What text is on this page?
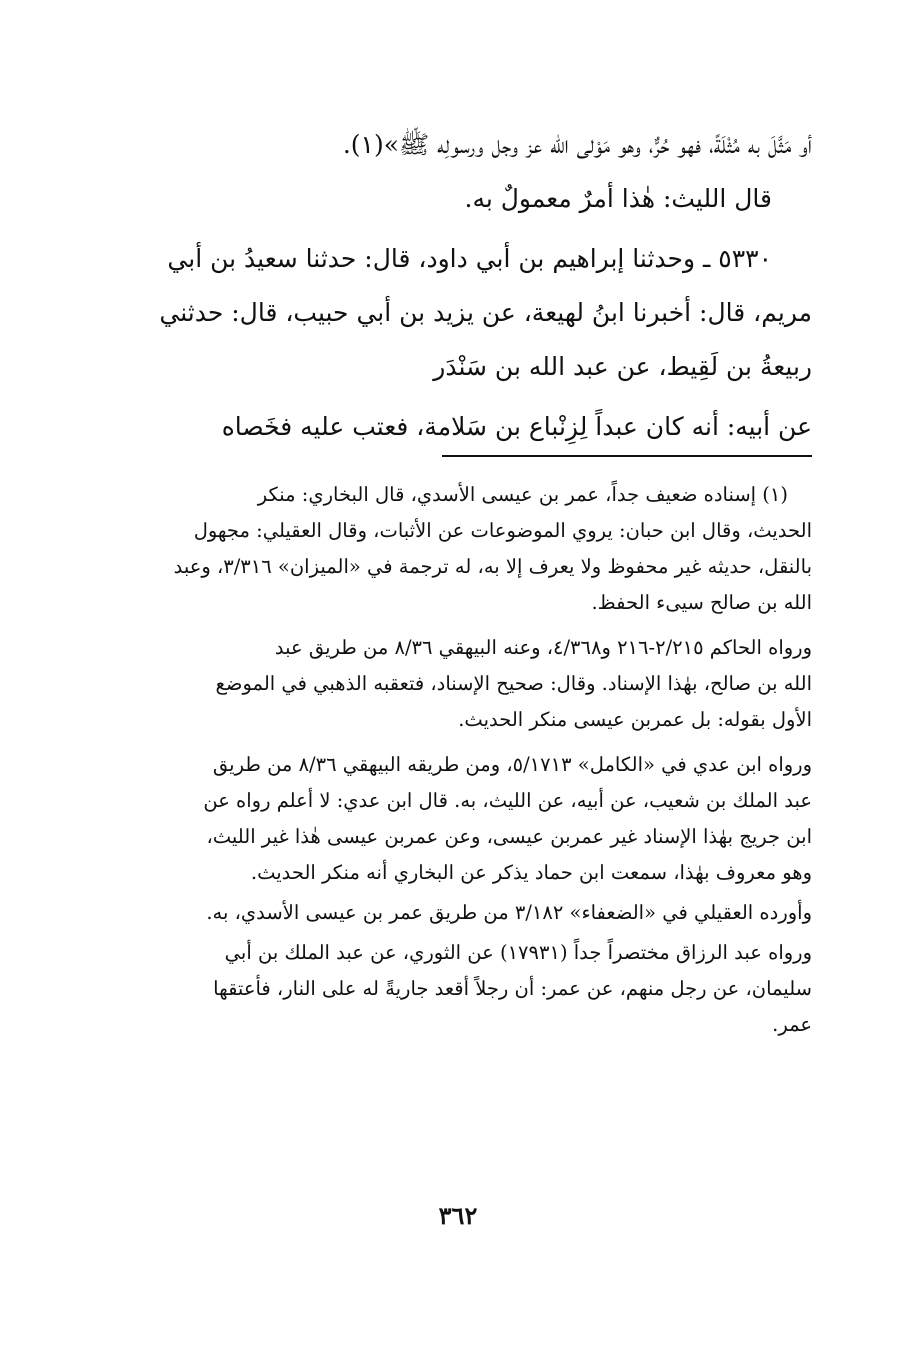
أو مَثَّلَ به مُثْلَةً، فهو حُرٌّ، وهو مَوْلى الله عز وجل ورسولِه ﷺ»(١).
قال الليث: هٰذا أمرٌ معمولٌ به.
٥٣٣٠ ـ وحدثنا إبراهيم بن أبي داود، قال: حدثنا سعيدُ بن أبي
مريم، قال: أخبرنا ابنُ لهيعة، عن يزيد بن أبي حبيب، قال: حدثني
ربيعةُ بن لَقِيط، عن عبد الله بن سَنْدَر
عن أبيه: أنه كان عبداً لِزِنْباع بن سَلامة، فعتب عليه فخَصاه
(١) إسناده ضعيف جداً، عمر بن عيسى الأسدي، قال البخاري: منكر
الحديث، وقال ابن حبان: يروي الموضوعات عن الأثبات، وقال العقيلي: مجهول
بالنقل، حديثه غير محفوظ ولا يعرف إلا به، له ترجمة في «الميزان» ٣/٣١٦، وعبد
الله بن صالح سيىء الحفظ.
ورواه الحاكم ٢/٢١٥-٢١٦ و٤/٣٦٨، وعنه البيهقي ٨/٣٦ من طريق عبد
الله بن صالح، بهٰذا الإسناد. وقال: صحيح الإسناد، فتعقبه الذهبي في الموضع
الأول بقوله: بل عمربن عيسى منكر الحديث.
ورواه ابن عدي في «الكامل» ٥/١٧١٣، ومن طريقه البيهقي ٨/٣٦ من طريق
عبد الملك بن شعيب، عن أبيه، عن الليث، به. قال ابن عدي: لا أعلم رواه عن
ابن جريج بهٰذا الإسناد غير عمربن عيسى، وعن عمربن عيسى هٰذا غير الليث،
وهو معروف بهٰذا، سمعت ابن حماد يذكر عن البخاري أنه منكر الحديث.
وأورده العقيلي في «الضعفاء» ٣/١٨٢ من طريق عمر بن عيسى الأسدي، به.
ورواه عبد الرزاق مختصراً جداً (١٧٩٣١) عن الثوري، عن عبد الملك بن أبي
سليمان، عن رجل منهم، عن عمر: أن رجلاً أقعد جاريةً له على النار، فأعتقها
عمر.
٣٦٢
